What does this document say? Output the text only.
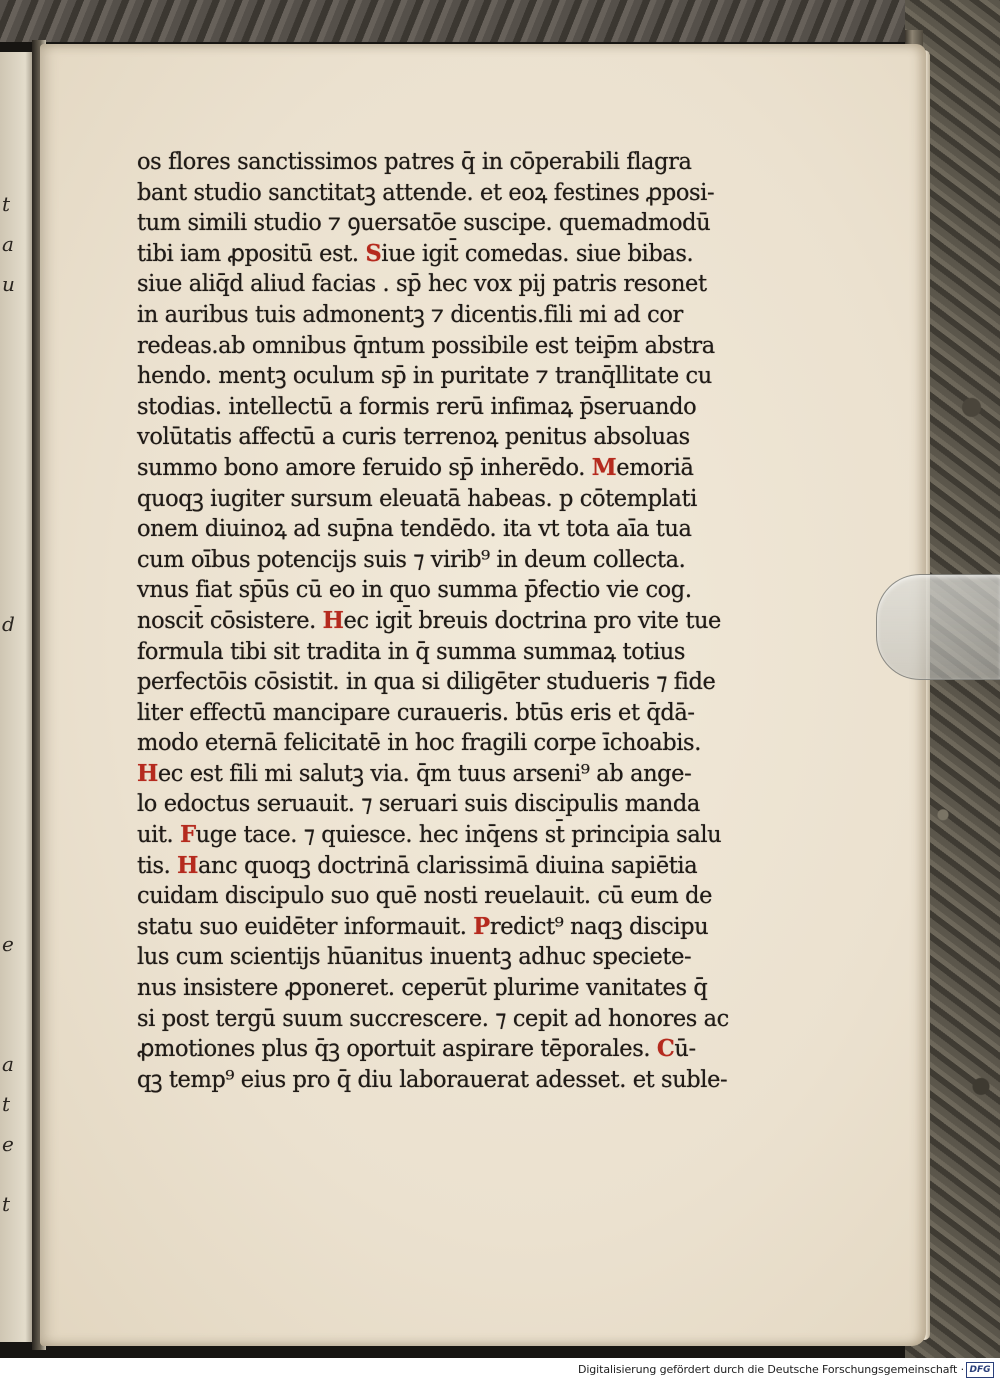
t
a
u
d
e
a
t
e
t
os flores sanctissimos patres q̄ in cōperabili flagra
bant studio sanctitatꝫ attende. et eoꝝ festines ꝓposi-
tum simili studio ⁊ ꝯuersatōe suscipe. quemadmodū
tibi iam ꝓpositū est. Siue igit̄ comedas. siue bibas.
siue aliq̄d aliud facias . sp̄ hec vox pij patris resonet
in auribus tuis admonentꝫ ⁊ dicentis.fili mi ad cor
redeas.ab omnibus q̄ntum possibile est teip̄m abstra
hendo. mentꝫ oculum sp̄ in puritate ⁊ tranq̄llitate cu
stodias. intellectū a formis rerū infimaꝝ p̄seruando
volūtatis affectū a curis terrenoꝝ penitus absoluas
summo bono amore feruido sp̄ inherēdo. Memoriā
quoqꝫ iugiter sursum eleuatā habeas. p cōtemplati
onem diuinoꝝ ad sup̄na tendēdo. ita vt tota aīa tua
cum oībus potencijs suis ⁊ virib⁹ in deum collecta.
vnus fiat sp̄ūs cū eo in quo summa p̄fectio vie cog.
noscit̄ cōsistere. Hec igit̄ breuis doctrina pro vite tue
formula tibi sit tradita in q̄ summa summaꝝ totius
perfectōis cōsistit. in qua si diligēter studueris ⁊ fide
liter effectū mancipare curaueris. btūs eris et q̄dā-
modo eternā felicitatē in hoc fragili corpe īchoabis.
Hec est fili mi salutꝫ via. q̄m tuus arseni⁹ ab ange-
lo edoctus seruauit. ⁊ seruari suis discipulis manda
uit. Fuge tace. ⁊ quiesce. hec inq̄ens st̄ principia salu
tis. Hanc quoqꝫ doctrinā clarissimā diuina sapiētia
cuidam discipulo suo quē nosti reuelauit. cū eum de
statu suo euidēter informauit. Predict⁹ naqꝫ discipu
lus cum scientijs hūanitus inuentꝫ adhuc speciete-
nus insistere ꝓponeret. ceperūt plurime vanitates q̄
si post tergū suum succrescere. ⁊ cepit ad honores ac
ꝓmotiones plus q̄ꝫ oportuit aspirare tēporales. Cū-
qꝫ temp⁹ eius pro q̄ diu laborauerat adesset. et suble-
Digitalisierung gefördert durch die Deutsche Forschungsgemeinschaft · DFG
